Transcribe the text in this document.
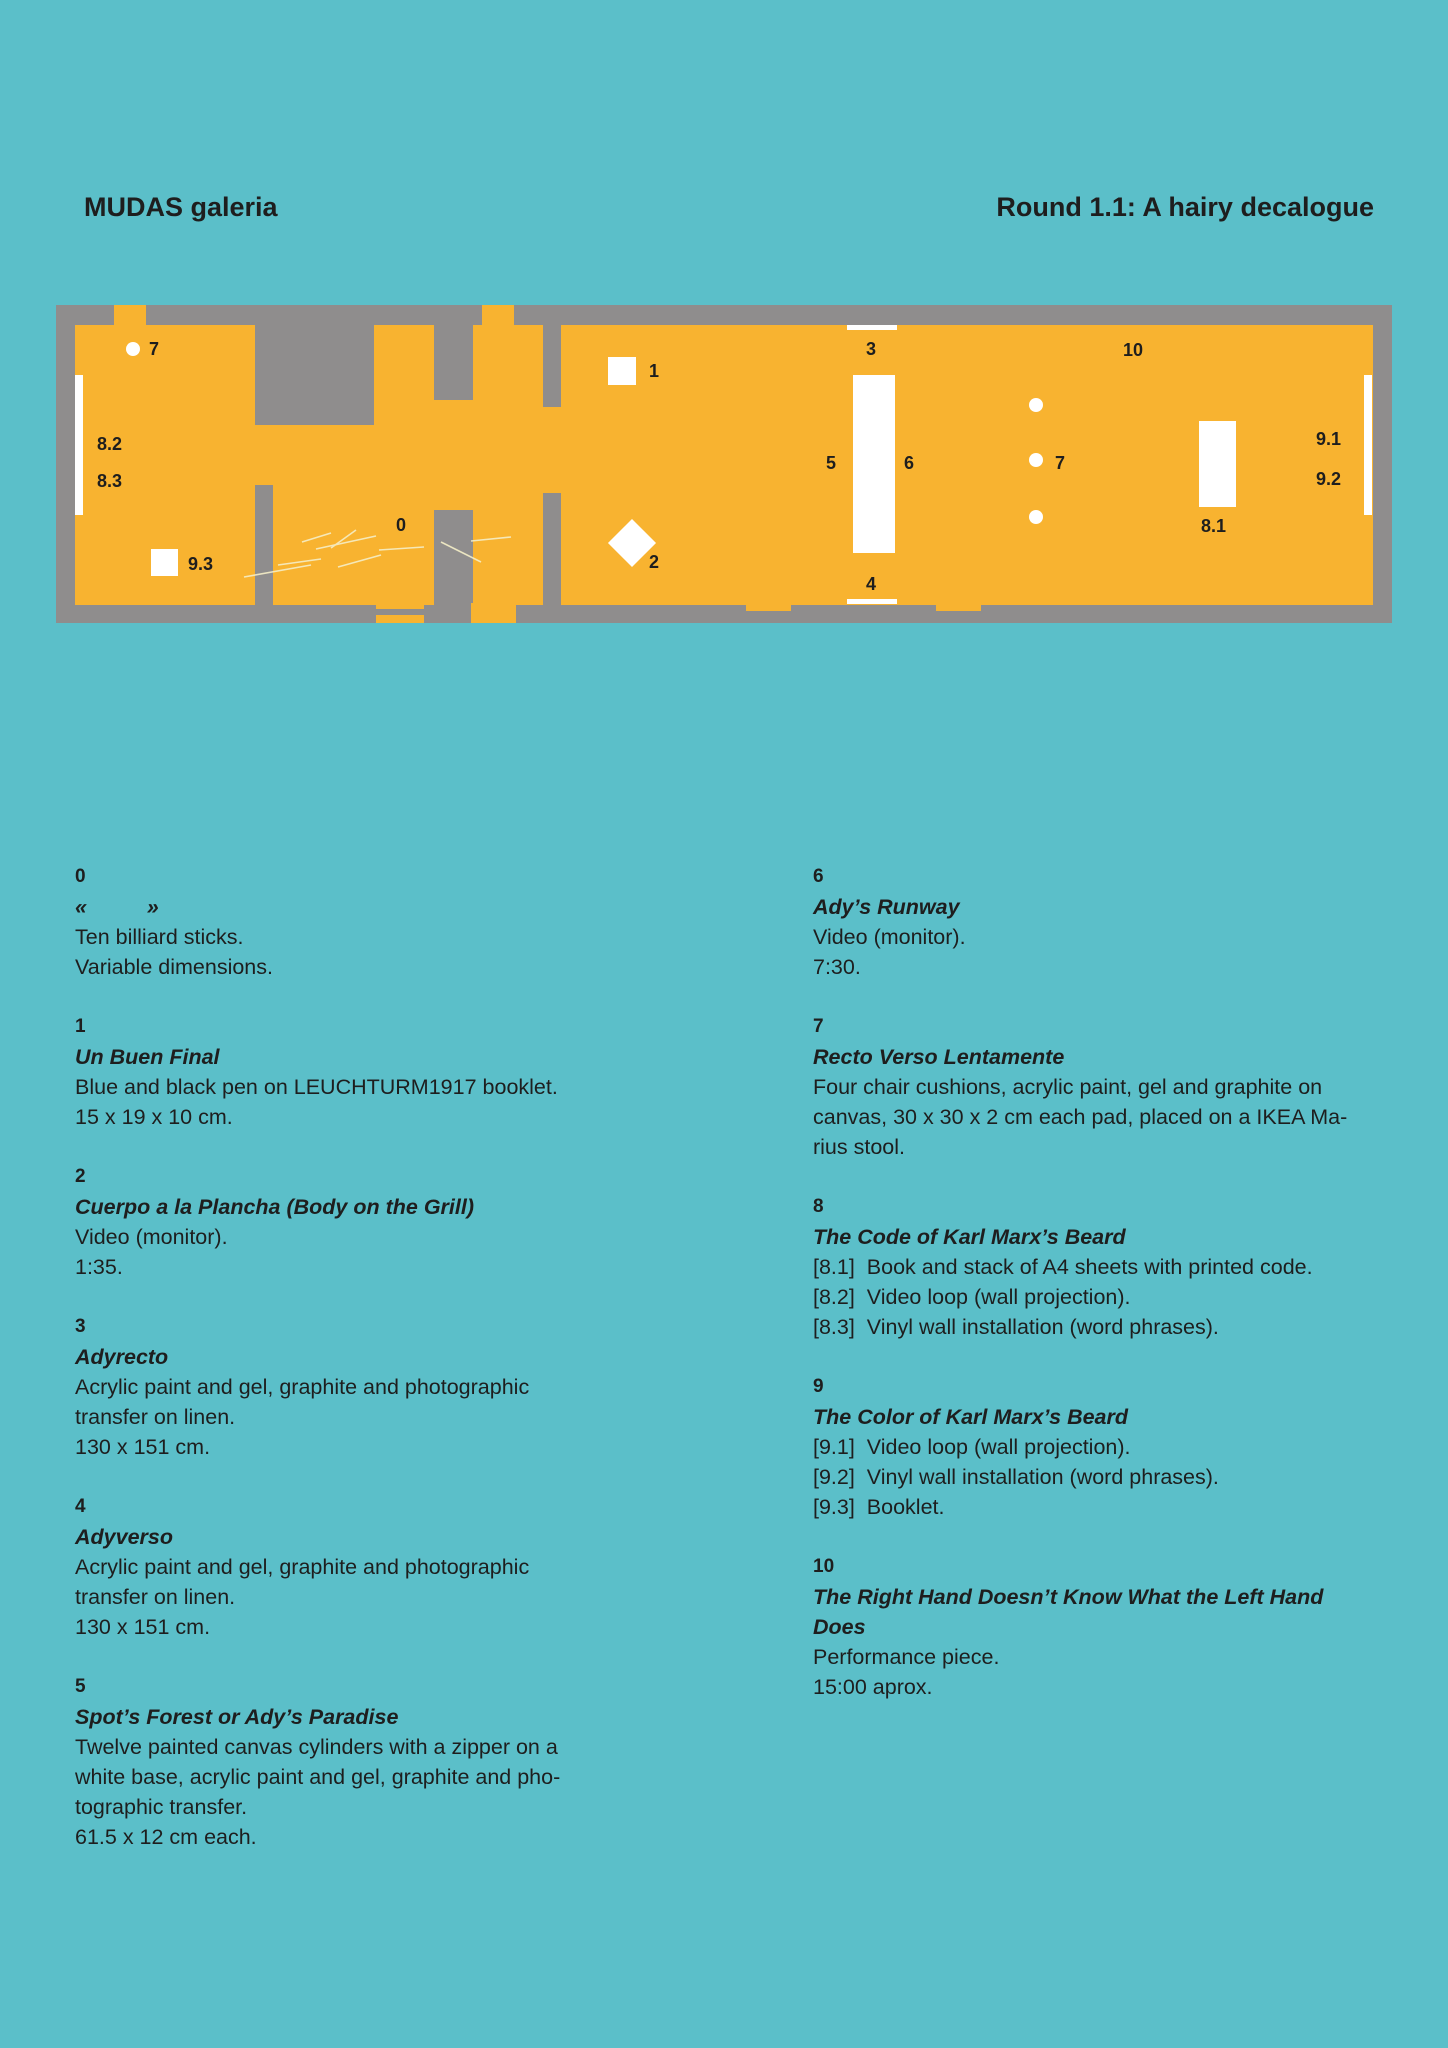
MUDAS galeria	Round 1.1: A hairy decalogue
7
8.2
8.3
9.3
0
1
2
3
4
5	6	7
10
8.1
9.1
9.2
0
«          »
Ten billiard sticks.
Variable dimensions.
1
Un Buen Final
Blue and black pen on LEUCHTURM1917 booklet.
15 x 19 x 10 cm.
2
Cuerpo a la Plancha (Body on the Grill)
Video (monitor).
1:35.
3
Adyrecto
Acrylic paint and gel, graphite and photographic
transfer on linen.
130 x 151 cm.
4
Adyverso
Acrylic paint and gel, graphite and photographic
transfer on linen.
130 x 151 cm.
5
Spot’s Forest or Ady’s Paradise
Twelve painted canvas cylinders with a zipper on a
white base, acrylic paint and gel, graphite and pho-
tographic transfer.
61.5 x 12 cm each.
6
Ady’s Runway
Video (monitor).
7:30.
7
Recto Verso Lentamente
Four chair cushions, acrylic paint, gel and graphite on
canvas, 30 x 30 x 2 cm each pad, placed on a IKEA Ma-
rius stool.
8
The Code of Karl Marx’s Beard
[8.1]  Book and stack of A4 sheets with printed code.
[8.2]  Video loop (wall projection).
[8.3]  Vinyl wall installation (word phrases).
9
The Color of Karl Marx’s Beard
[9.1]  Video loop (wall projection).
[9.2]  Vinyl wall installation (word phrases).
[9.3]  Booklet.
10
The Right Hand Doesn’t Know What the Left Hand Does
Performance piece.
15:00 aprox.
